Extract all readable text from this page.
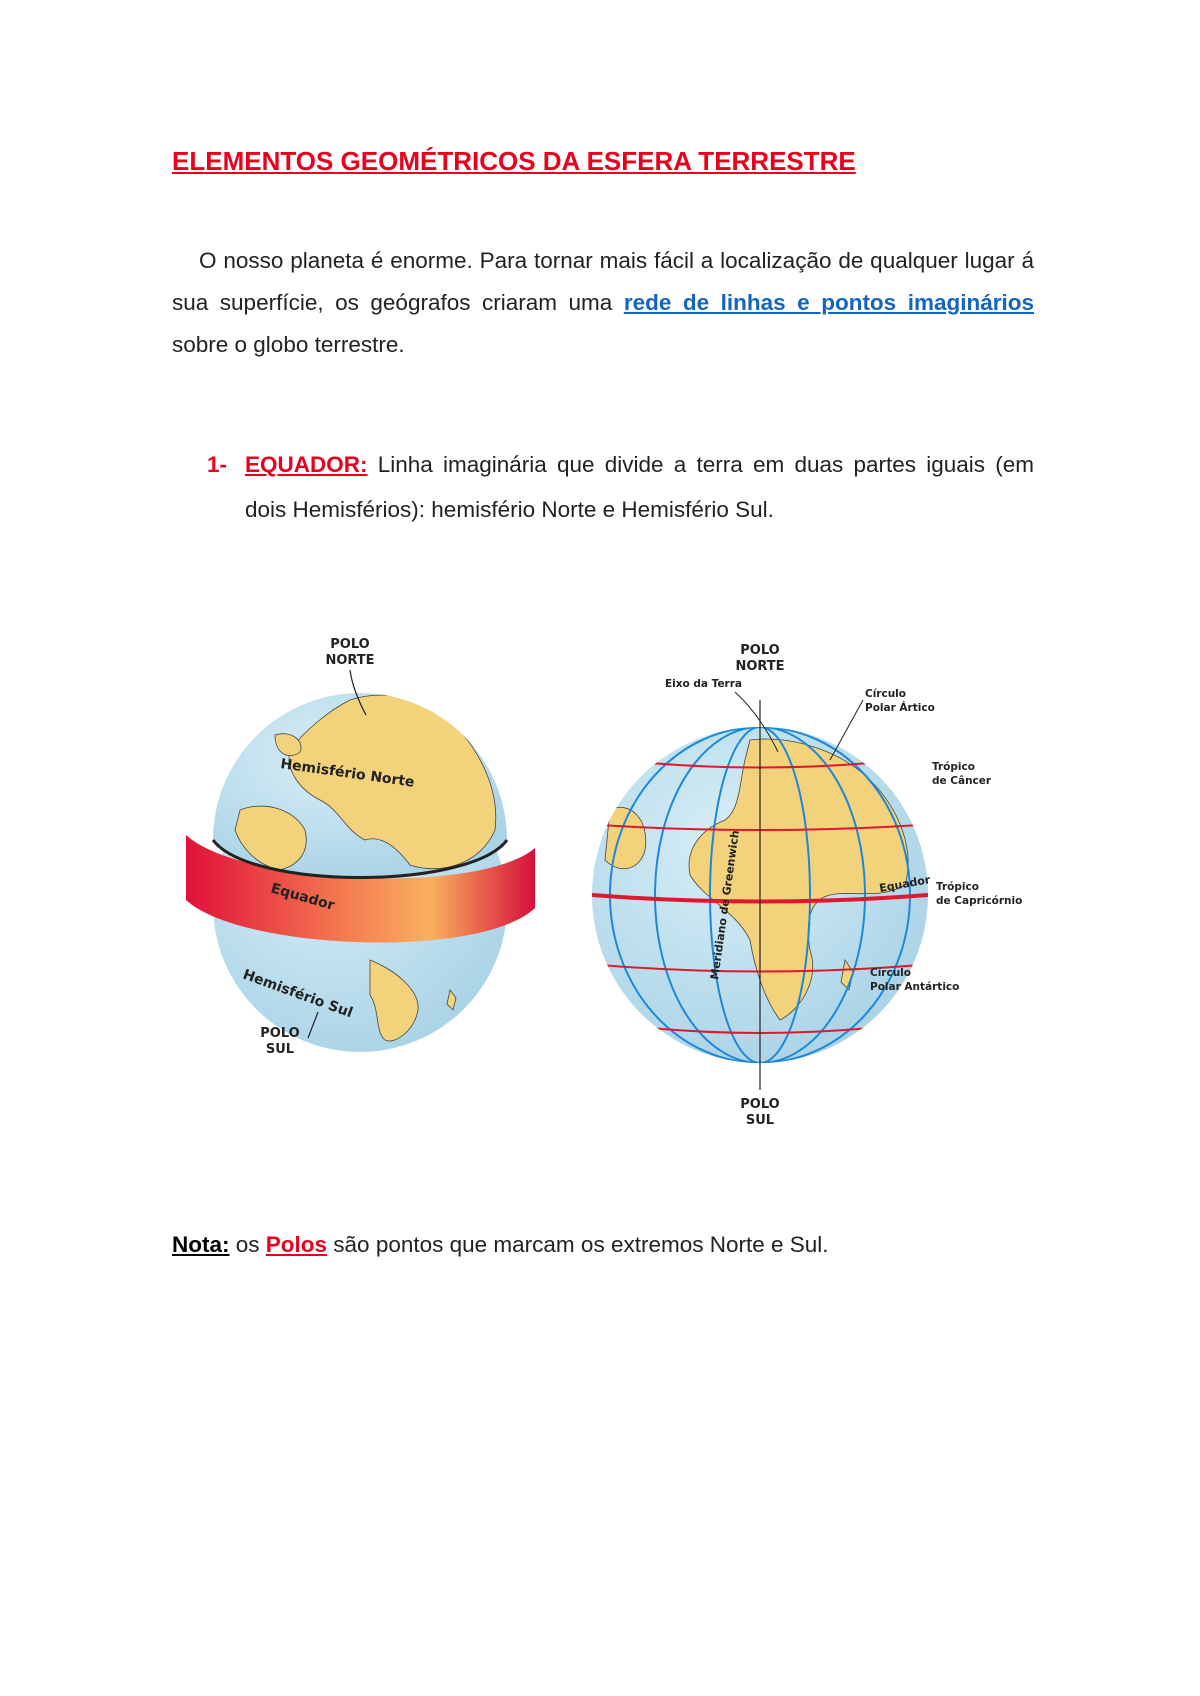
ELEMENTOS GEOMÉTRICOS DA ESFERA TERRESTRE

O nosso planeta é enorme. Para tornar mais fácil a localização de qualquer lugar á sua superfície, os geógrafos criaram uma rede de linhas e pontos imaginários sobre o globo terrestre.

1- EQUADOR: Linha imaginária que divide a terra em duas partes iguais (em dois Hemisférios): hemisfério Norte e Hemisfério Sul.
POLO
NORTE
Hemisfério Norte
Equador
Hemisfério Sul
POLO
SUL
POLO
NORTE
Eixo da Terra
Círculo
Polar Ártico
Trópico
de Câncer
Equador Trópico
de Capricórnio
Círculo
Polar Antártico
Meridiano de Greenwich
POLO
SUL

Nota: os Polos são pontos que marcam os extremos Norte e Sul.
